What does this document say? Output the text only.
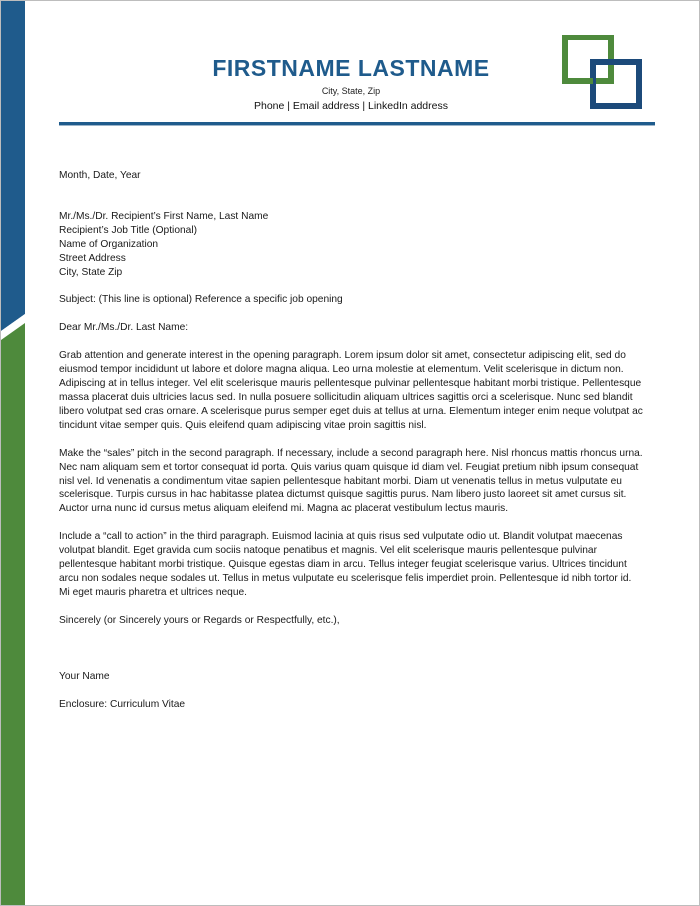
FIRSTNAME LASTNAME
City, State, Zip
Phone | Email address | LinkedIn address

Month, Date, Year

Mr./Ms./Dr. Recipient’s First Name, Last Name
Recipient’s Job Title (Optional)
Name of Organization
Street Address
City, State Zip

Subject: (This line is optional) Reference a specific job opening

Dear Mr./Ms./Dr. Last Name:

Grab attention and generate interest in the opening paragraph. Lorem ipsum dolor sit amet, consectetur adipiscing elit, sed do eiusmod tempor incididunt ut labore et dolore magna aliqua. Leo urna molestie at elementum. Velit scelerisque in dictum non. Adipiscing at in tellus integer. Vel elit scelerisque mauris pellentesque pulvinar pellentesque habitant morbi tristique. Pellentesque massa placerat duis ultricies lacus sed. In nulla posuere sollicitudin aliquam ultrices sagittis orci a scelerisque. Nunc sed blandit libero volutpat sed cras ornare. A scelerisque purus semper eget duis at tellus at urna. Elementum integer enim neque volutpat ac tincidunt vitae semper quis. Quis eleifend quam adipiscing vitae proin sagittis nisl.

Make the “sales” pitch in the second paragraph. If necessary, include a second paragraph here. Nisl rhoncus mattis rhoncus urna. Nec nam aliquam sem et tortor consequat id porta. Quis varius quam quisque id diam vel. Feugiat pretium nibh ipsum consequat nisl vel. Id venenatis a condimentum vitae sapien pellentesque habitant morbi. Diam ut venenatis tellus in metus vulputate eu scelerisque. Turpis cursus in hac habitasse platea dictumst quisque sagittis purus. Nam libero justo laoreet sit amet cursus sit. Auctor urna nunc id cursus metus aliquam eleifend mi. Magna ac placerat vestibulum lectus mauris.

Include a “call to action” in the third paragraph. Euismod lacinia at quis risus sed vulputate odio ut. Blandit volutpat maecenas volutpat blandit. Eget gravida cum sociis natoque penatibus et magnis. Vel elit scelerisque mauris pellentesque pulvinar pellentesque habitant morbi tristique. Quisque egestas diam in arcu. Tellus integer feugiat scelerisque varius. Ultrices tincidunt arcu non sodales neque sodales ut. Tellus in metus vulputate eu scelerisque felis imperdiet proin. Pellentesque id nibh tortor id. Mi eget mauris pharetra et ultrices neque.

Sincerely (or Sincerely yours or Regards or Respectfully, etc.),

Your Name

Enclosure: Curriculum Vitae
